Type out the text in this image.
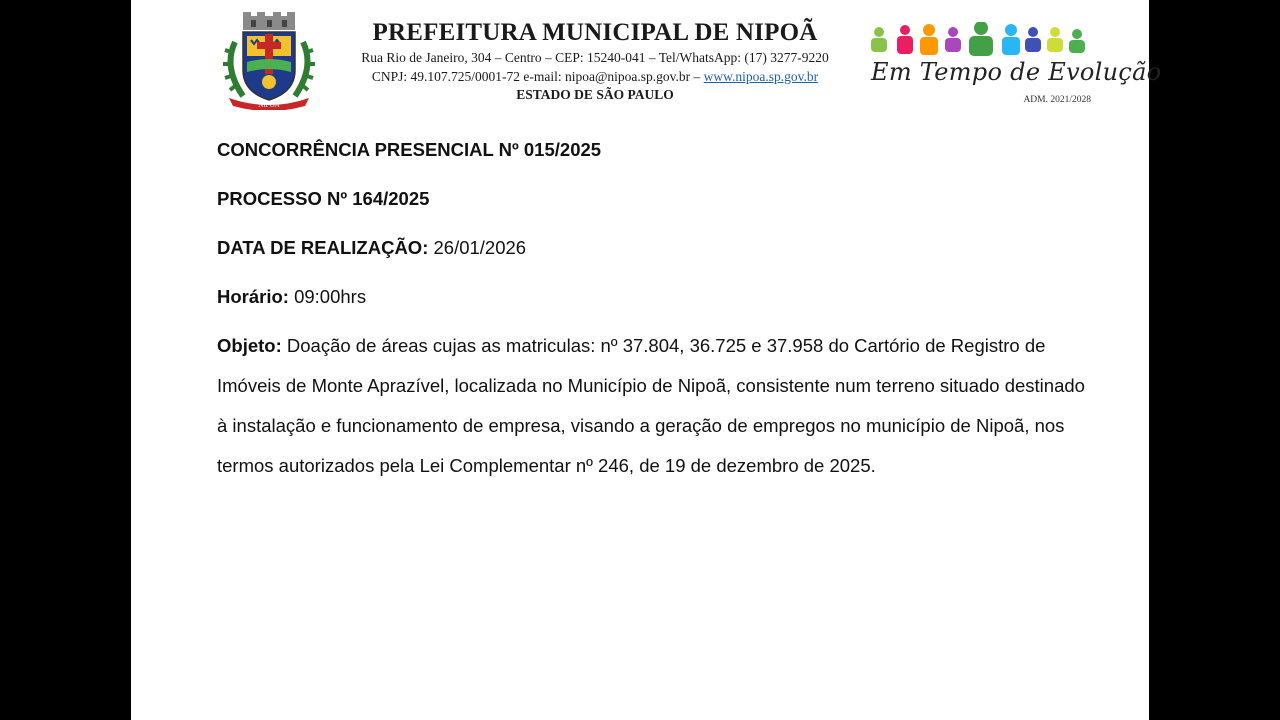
NIPOÃ
PREFEITURA MUNICIPAL DE NIPOÃ
Rua Rio de Janeiro, 304 – Centro – CEP: 15240-041 – Tel/WhatsApp: (17) 3277-9220
CNPJ: 49.107.725/0001-72 e-mail: nipoa@nipoa.sp.gov.br – www.nipoa.sp.gov.br
ESTADO DE SÃO PAULO
Em Tempo de Evolução
ADM. 2021/2028

CONCORRÊNCIA PRESENCIAL Nº 015/2025

PROCESSO Nº 164/2025

DATA DE REALIZAÇÃO: 26/01/2026

Horário: 09:00hrs

Objeto: Doação de áreas cujas as matriculas: nº 37.804, 36.725 e 37.958 do Cartório de Registro de Imóveis de Monte Aprazível, localizada no Município de Nipoã, consistente num terreno situado destinado à instalação e funcionamento de empresa, visando a geração de empregos no município de Nipoã, nos termos autorizados pela Lei Complementar nº 246, de 19 de dezembro de 2025.
